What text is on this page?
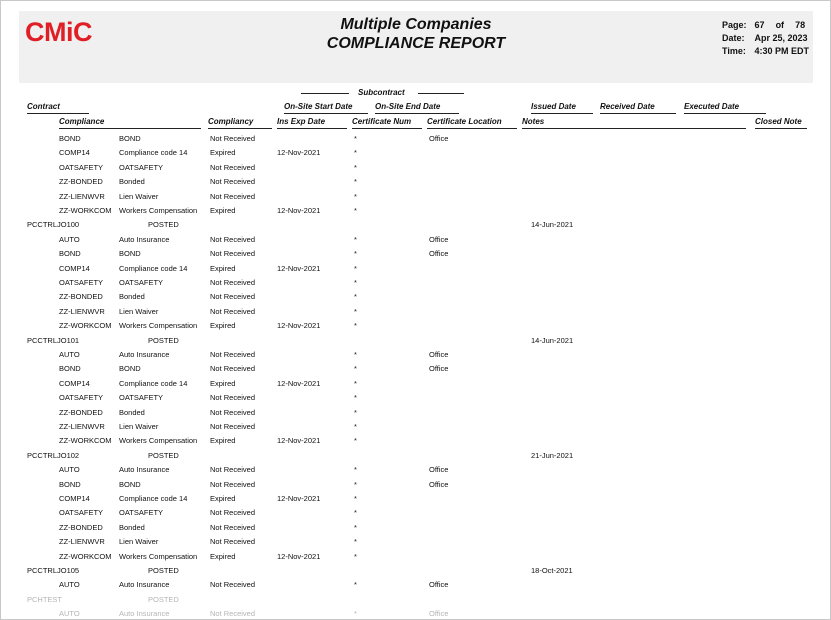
CMiC	Multiple Companies
COMPLIANCE REPORT
Page: 67 of 78
Date: Apr 25, 2023
Time: 4:30 PM EDT
Subcontract
Contract	On-Site Start Date	On-Site End Date	Issued Date	Received Date	Executed Date
Compliance	Compliancy	Ins Exp Date	Certificate Num Certificate Location	Notes	Closed Note
BOND	BOND	Not Received	*	Office
COMP14	Compliance code 14	Expired	12-Nov-2021	*
OATSAFETY OATSAFETY	Not Received	*
ZZ-BONDED Bonded	Not Received	*
ZZ-LIENWVR Lien Waiver	Not Received	*
ZZ-WORKCOM Workers Compensation Expired	12-Nov-2021	*
PCCTRLJO100	POSTED	14-Jun-2021
AUTO	Auto Insurance	Not Received	*	Office
BOND	BOND	Not Received	*	Office
COMP14	Compliance code 14	Expired	12-Nov-2021	*
OATSAFETY OATSAFETY	Not Received	*
ZZ-BONDED Bonded	Not Received	*
ZZ-LIENWVR Lien Waiver	Not Received	*
ZZ-WORKCOM Workers Compensation Expired	12-Nov-2021	*
PCCTRLJO101	POSTED	14-Jun-2021
AUTO	Auto Insurance	Not Received	*	Office
BOND	BOND	Not Received	*	Office
COMP14	Compliance code 14	Expired	12-Nov-2021	*
OATSAFETY OATSAFETY	Not Received	*
ZZ-BONDED Bonded	Not Received	*
ZZ-LIENWVR Lien Waiver	Not Received	*
ZZ-WORKCOM Workers Compensation Expired	12-Nov-2021	*
PCCTRLJO102	POSTED	21-Jun-2021
AUTO	Auto Insurance	Not Received	*	Office
BOND	BOND	Not Received	*	Office
COMP14	Compliance code 14	Expired	12-Nov-2021	*
OATSAFETY OATSAFETY	Not Received	*
ZZ-BONDED Bonded	Not Received	*
ZZ-LIENWVR Lien Waiver	Not Received	*
ZZ-WORKCOM Workers Compensation Expired	12-Nov-2021	*
PCCTRLJO105	POSTED	18-Oct-2021
AUTO	Auto Insurance	Not Received	*	Office
PCHTEST	POSTED
AUTO	Auto Insurance	Not Received	*	Office
